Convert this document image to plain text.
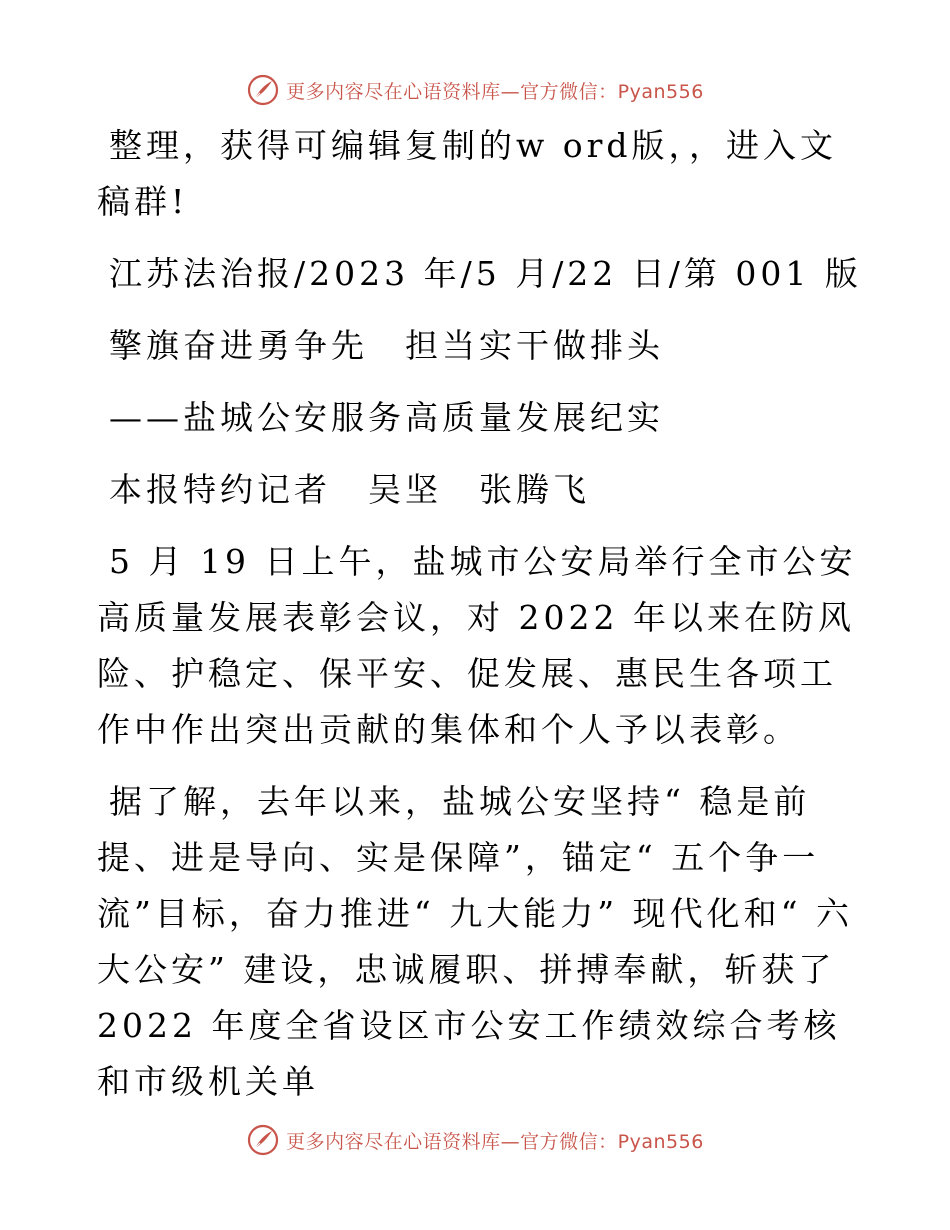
更多内容尽在心语资料库—官方微信：Pyan556

整理，获得可编辑复制的w ord版，，进入文稿群!

江苏法治报/2023 年/5 月/22 日/第 001 版

擎旗奋进勇争先　担当实干做排头

——盐城公安服务高质量发展纪实

本报特约记者　吴坚　张腾飞

5 月 19 日上午，盐城市公安局举行全市公安高质量发展表彰会议，对 2022 年以来在防风险、护稳定、保平安、促发展、惠民生各项工作中作出突出贡献的集体和个人予以表彰。

据了解，去年以来，盐城公安坚持“ 稳是前提、进是导向、实是保障”，锚定“ 五个争一流”目标，奋力推进“ 九大能力” 现代化和“ 六大公安” 建设，忠诚履职、拼搏奉献，斩获了 2022 年度全省设区市公安工作绩效综合考核和市级机关单

更多内容尽在心语资料库—官方微信：Pyan556
